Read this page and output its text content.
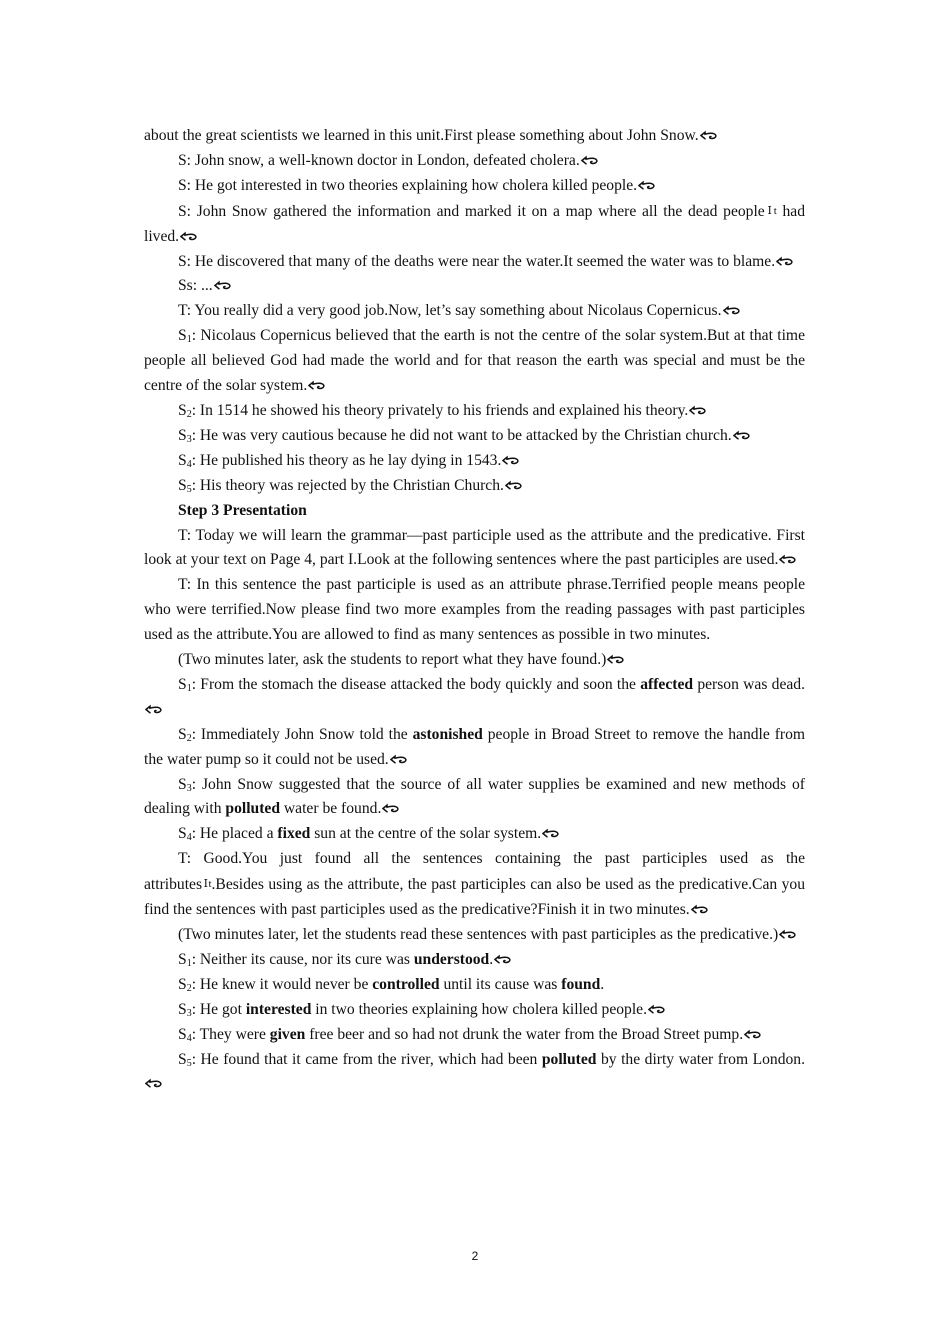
about the great scientists we learned in this unit.First please something about John Snow.

S: John snow, a well-known doctor in London, defeated cholera.

S: He got interested in two theories explaining how cholera killed people.

S: John Snow gathered the information and marked it on a map where all the dead peopleⅠt had lived.

S: He discovered that many of the deaths were near the water.It seemed the water was to blame.

Ss: ...

T: You really did a very good job.Now, let’s say something about Nicolaus Copernicus.

$S_1$: Nicolaus Copernicus believed that the earth is not the centre of the solar system.But at that time people all believed God had made the world and for that reason the earth was special and must be the centre of the solar system.

$S_2$: In 1514 he showed his theory privately to his friends and explained his theory.

$S_3$: He was very cautious because he did not want to be attacked by the Christian church.

$S_4$: He published his theory as he lay dying in 1543.

$S_5$: His theory was rejected by the Christian Church.

Step 3 Presentation

T: Today we will learn the grammar—past participle used as the attribute and the predicative. First look at your text on Page 4, part I.Look at the following sentences where the past participles are used.

T: In this sentence the past participle is used as an attribute phrase.Terrified people means people who were terrified.Now please find two more examples from the reading passages with past participles used as the attribute.You are allowed to find as many sentences as possible in two minutes.

(Two minutes later, ask the students to report what they have found.)

$S_1$: From the stomach the disease attacked the body quickly and soon the affected person was dead.

$S_2$: Immediately John Snow told the astonished people in Broad Street to remove the handle from the water pump so it could not be used.

$S_3$: John Snow suggested that the source of all water supplies be examined and new methods of dealing with polluted water be found.

$S_4$: He placed a fixed sun at the centre of the solar system.

T: Good.You just found all the sentences containing the past participles used as the attributesⅠt.Besides using as the attribute, the past participles can also be used as the predicative.Can you find the sentences with past participles used as the predicative?Finish it in two minutes.

(Two minutes later, let the students read these sentences with past participles as the predicative.)

$S_1$: Neither its cause, nor its cure was understood.

$S_2$: He knew it would never be controlled until its cause was found.

$S_3$: He got interested in two theories explaining how cholera killed people.

$S_4$: They were given free beer and so had not drunk the water from the Broad Street pump.

$S_5$: He found that it came from the river, which had been polluted by the dirty water from London.

2
